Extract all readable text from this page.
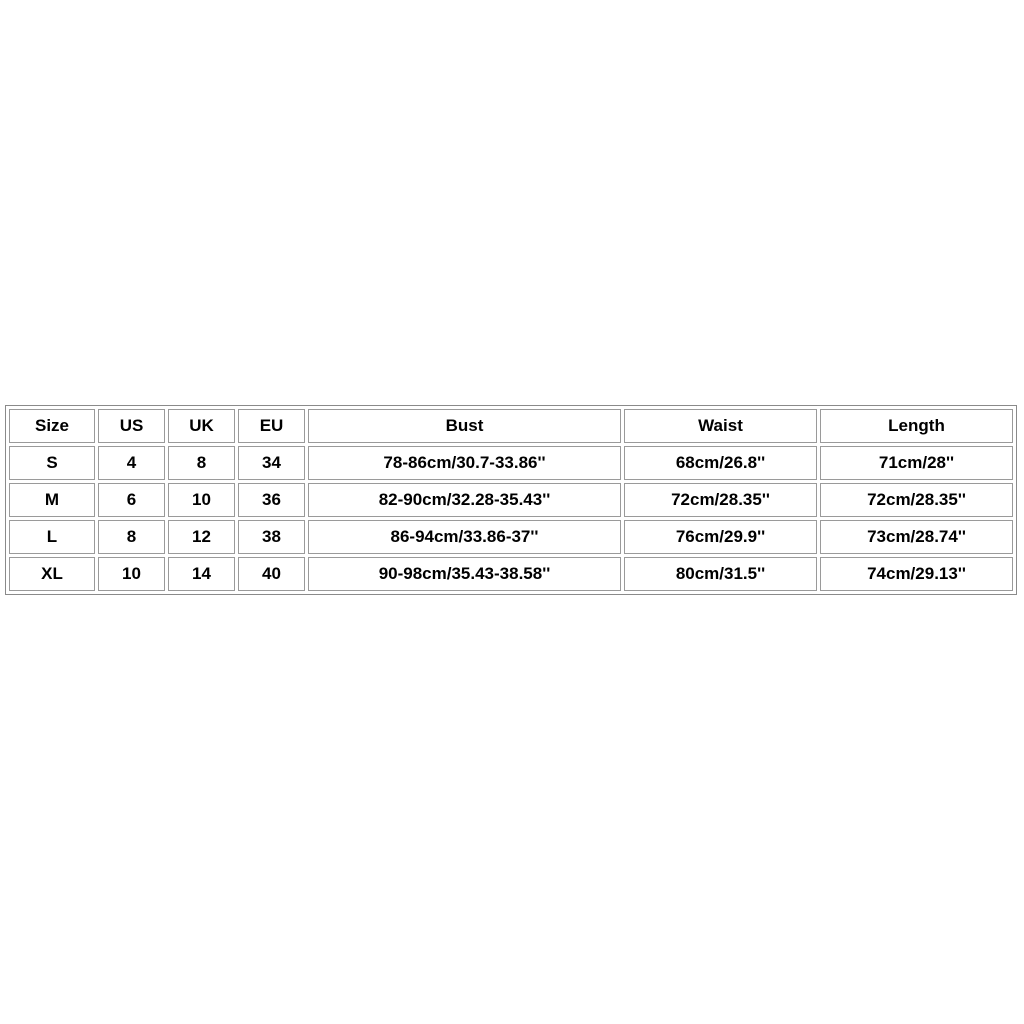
Size	US	UK	EU	Bust	Waist	Length
S	4	8	34	78-86cm/30.7-33.86''	68cm/26.8''	71cm/28''
M	6	10	36	82-90cm/32.28-35.43''	72cm/28.35''	72cm/28.35''
L	8	12	38	86-94cm/33.86-37''	76cm/29.9''	73cm/28.74''
XL	10	14	40	90-98cm/35.43-38.58''	80cm/31.5''	74cm/29.13''
